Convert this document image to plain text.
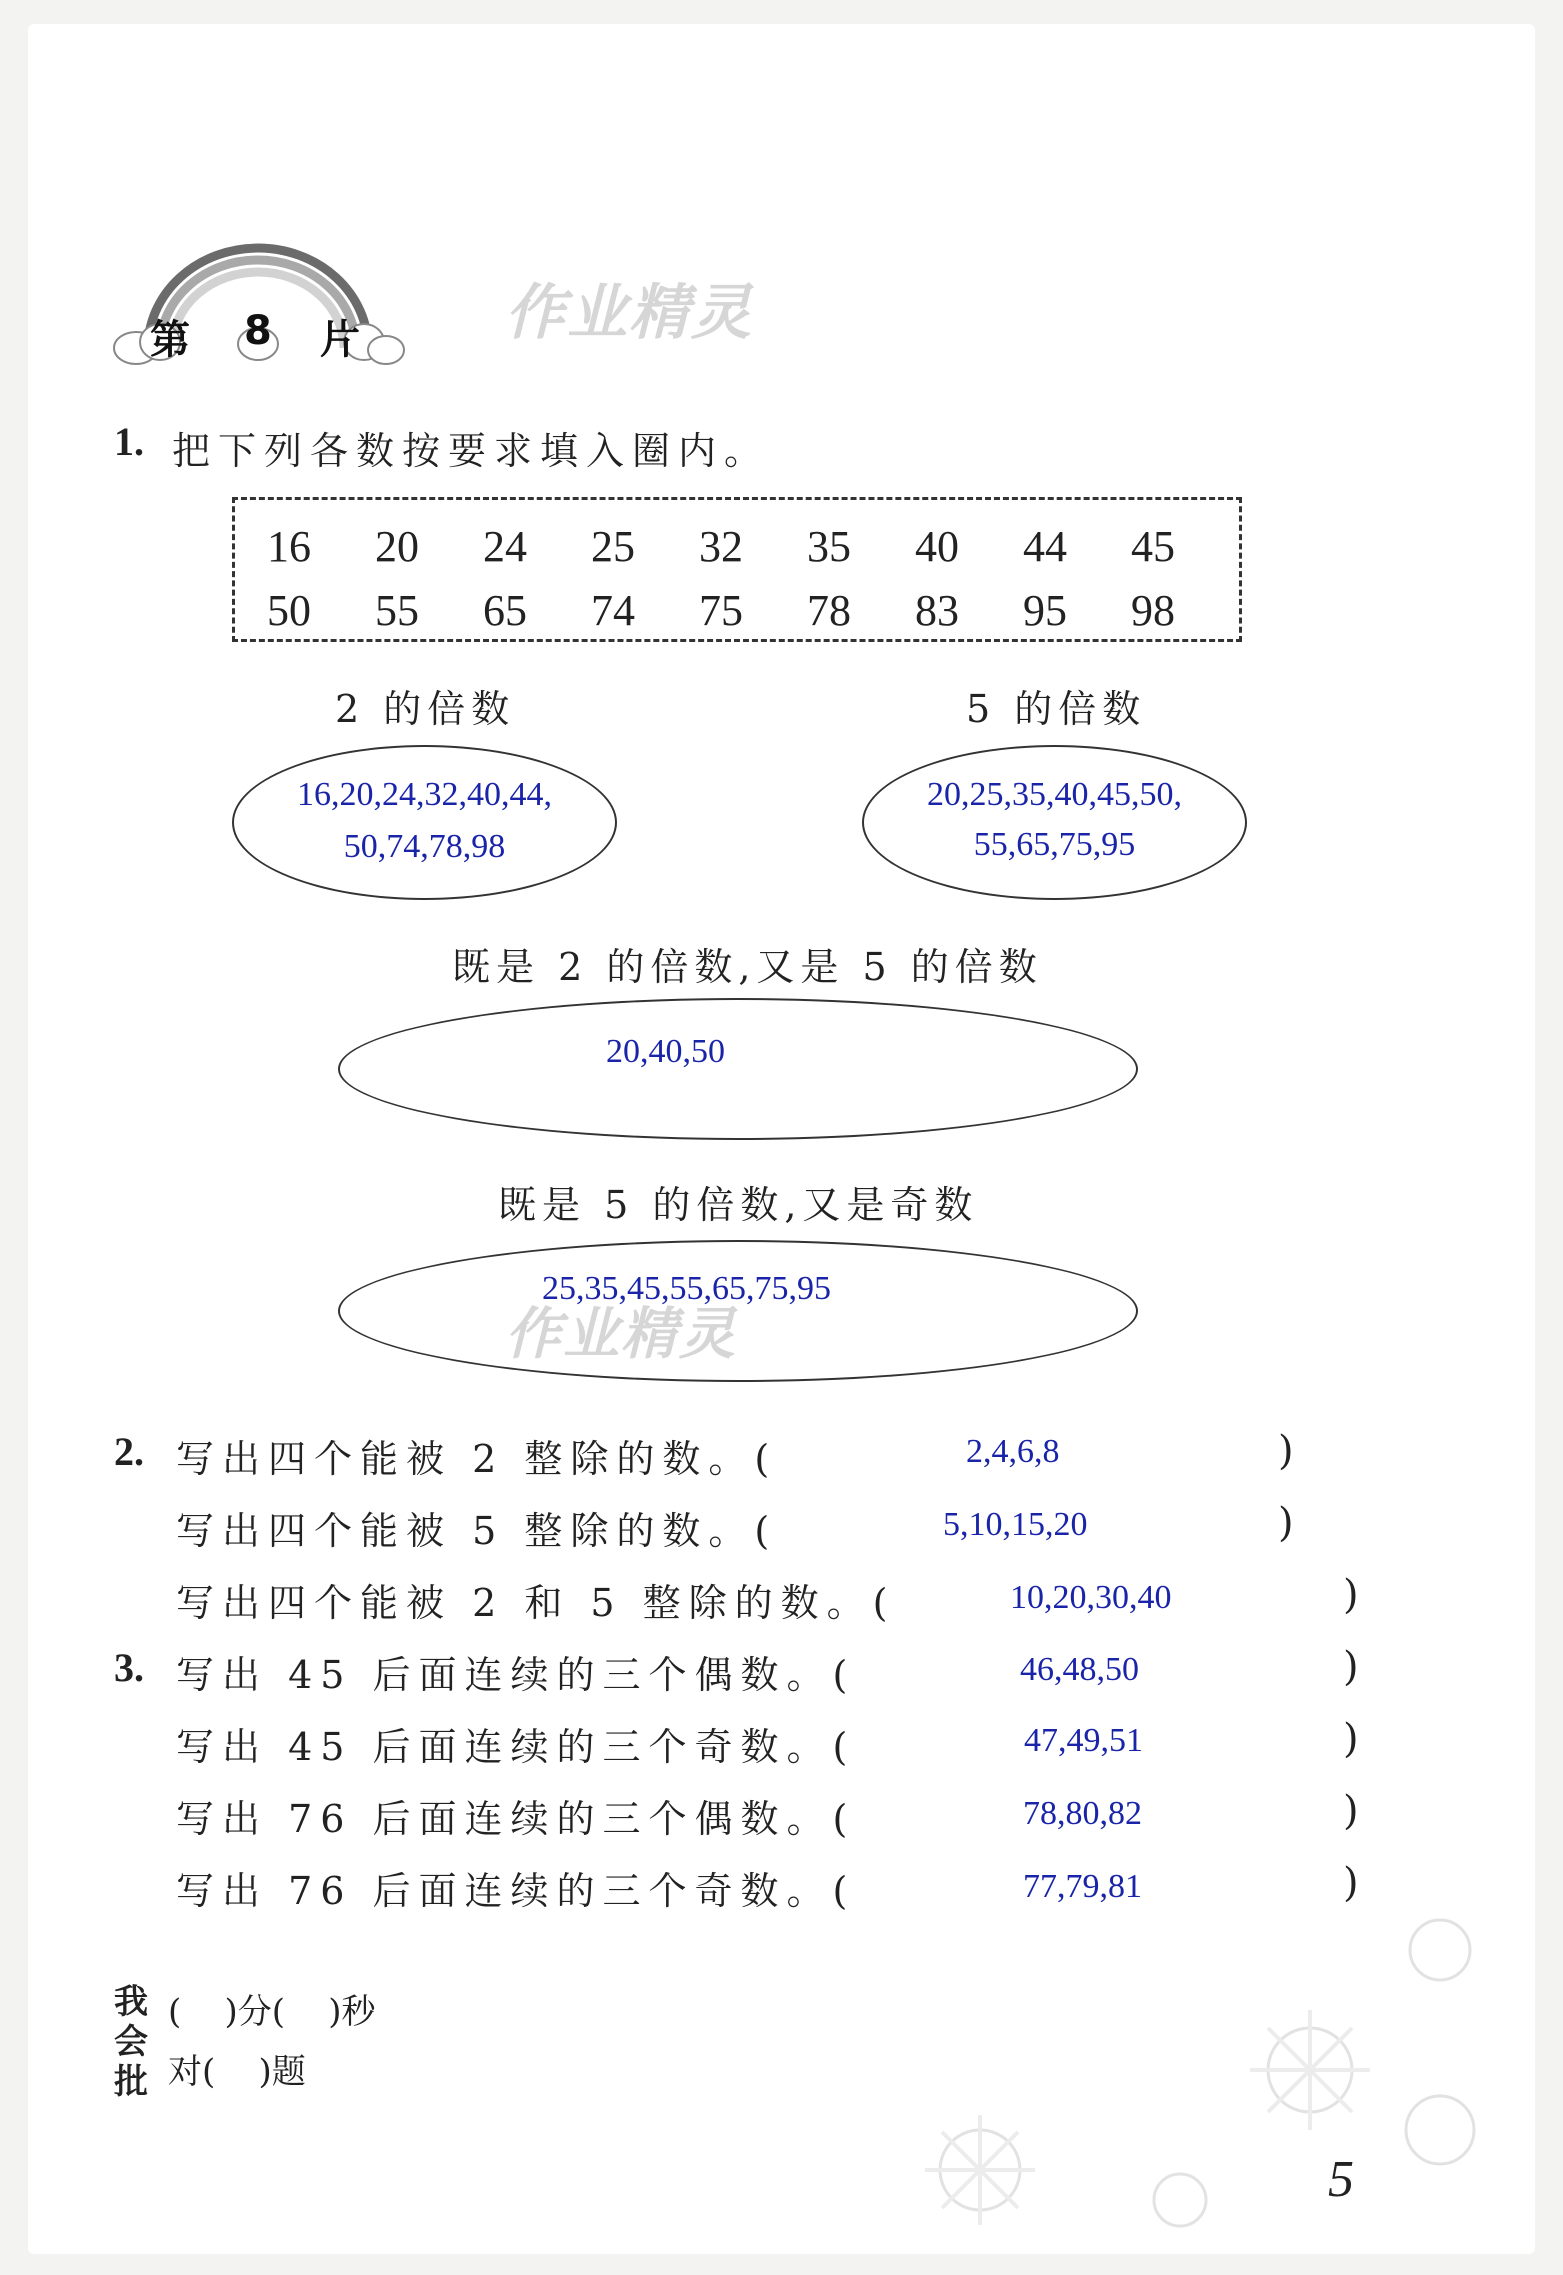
第 8 片 作业精灵
1. 把下列各数按要求填入圈内。
16	20	24	25	32	35	40	44	45
50	55	65	74	75	78	83	95	98
2 的倍数	5 的倍数
16,20,24,32,40,44,
50,74,78,98
20,25,35,40,45,50,
55,65,75,95
既是 2 的倍数,又是 5 的倍数
20,40,50
既是 5 的倍数,又是奇数
25,35,45,55,65,75,95
作业精灵
2. 写出四个能被 2 整除的数。(	2,4,6,8	)
写出四个能被 5 整除的数。(	5,10,15,20	)
写出四个能被 2 和 5 整除的数。(	10,20,30,40	)
3. 写出 45 后面连续的三个偶数。(	46,48,50	)
写出 45 后面连续的三个奇数。(	47,49,51	)
写出 76 后面连续的三个偶数。(	78,80,82	)
写出 76 后面连续的三个奇数。(	77,79,81	)
我
会
批
(    )分(    )秒
对(    )题
5
